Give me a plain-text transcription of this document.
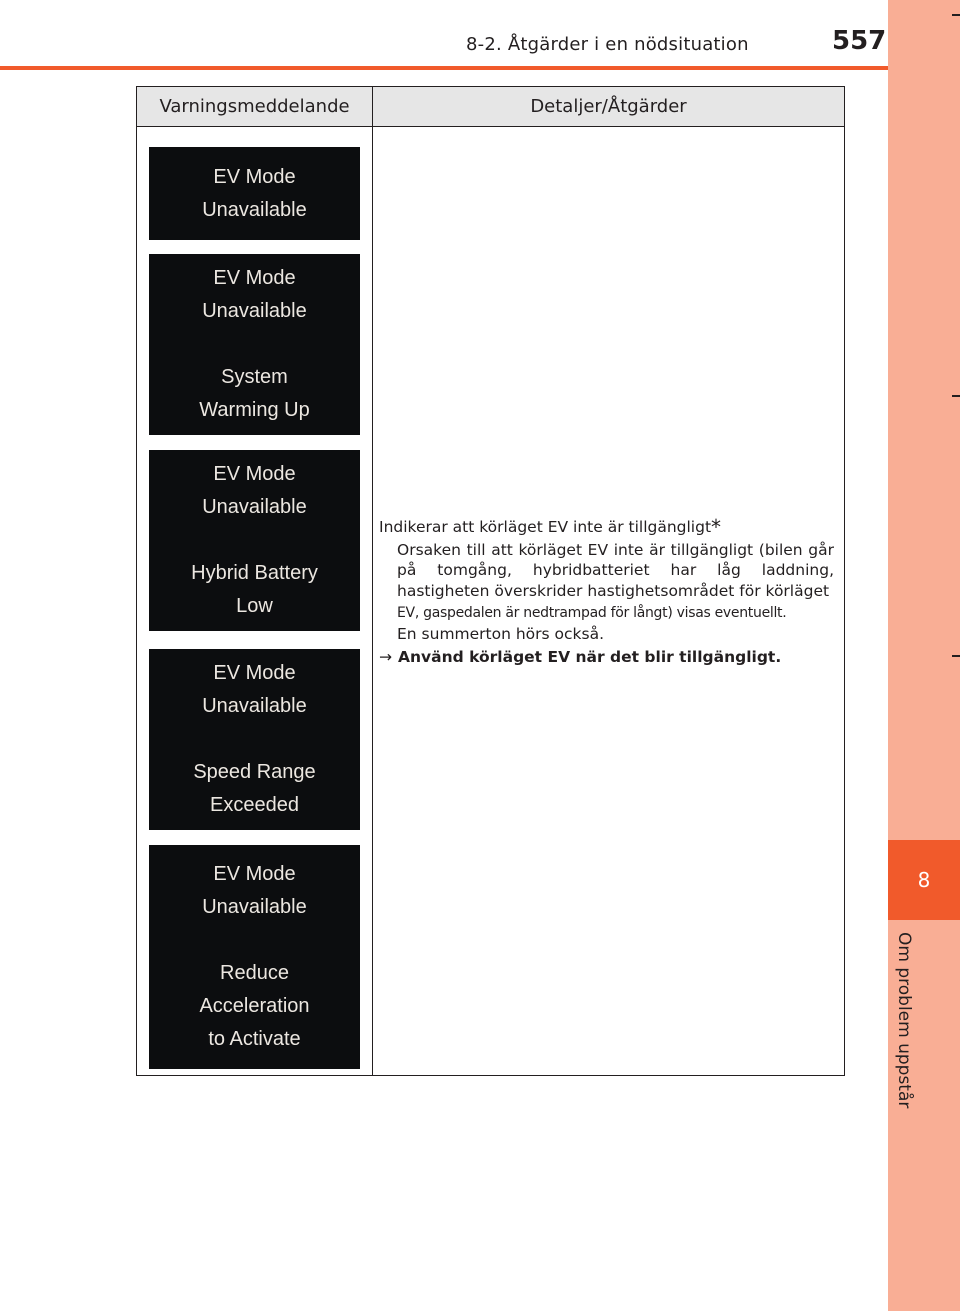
8-2. Åtgärder i en nödsituation	557
8
Om problem uppstår
Varningsmeddelande	Detaljer/Åtgärder
EV Mode
Unavailable
EV Mode
Unavailable
System
Warming Up
EV Mode
Unavailable
Hybrid Battery
Low
EV Mode
Unavailable
Speed Range
Exceeded
EV Mode
Unavailable
Reduce
Acceleration
to Activate
Indikerar att körläget EV inte är tillgängligt*
Orsaken till att körläget EV inte är tillgängligt (bilen går på tomgång, hybridbatteriet har låg laddning, hastigheten överskrider hastighetsområdet för körläget
EV, gaspedalen är nedtrampad för långt) visas eventuellt.
En summerton hörs också.
→ Använd körläget EV när det blir tillgängligt.
